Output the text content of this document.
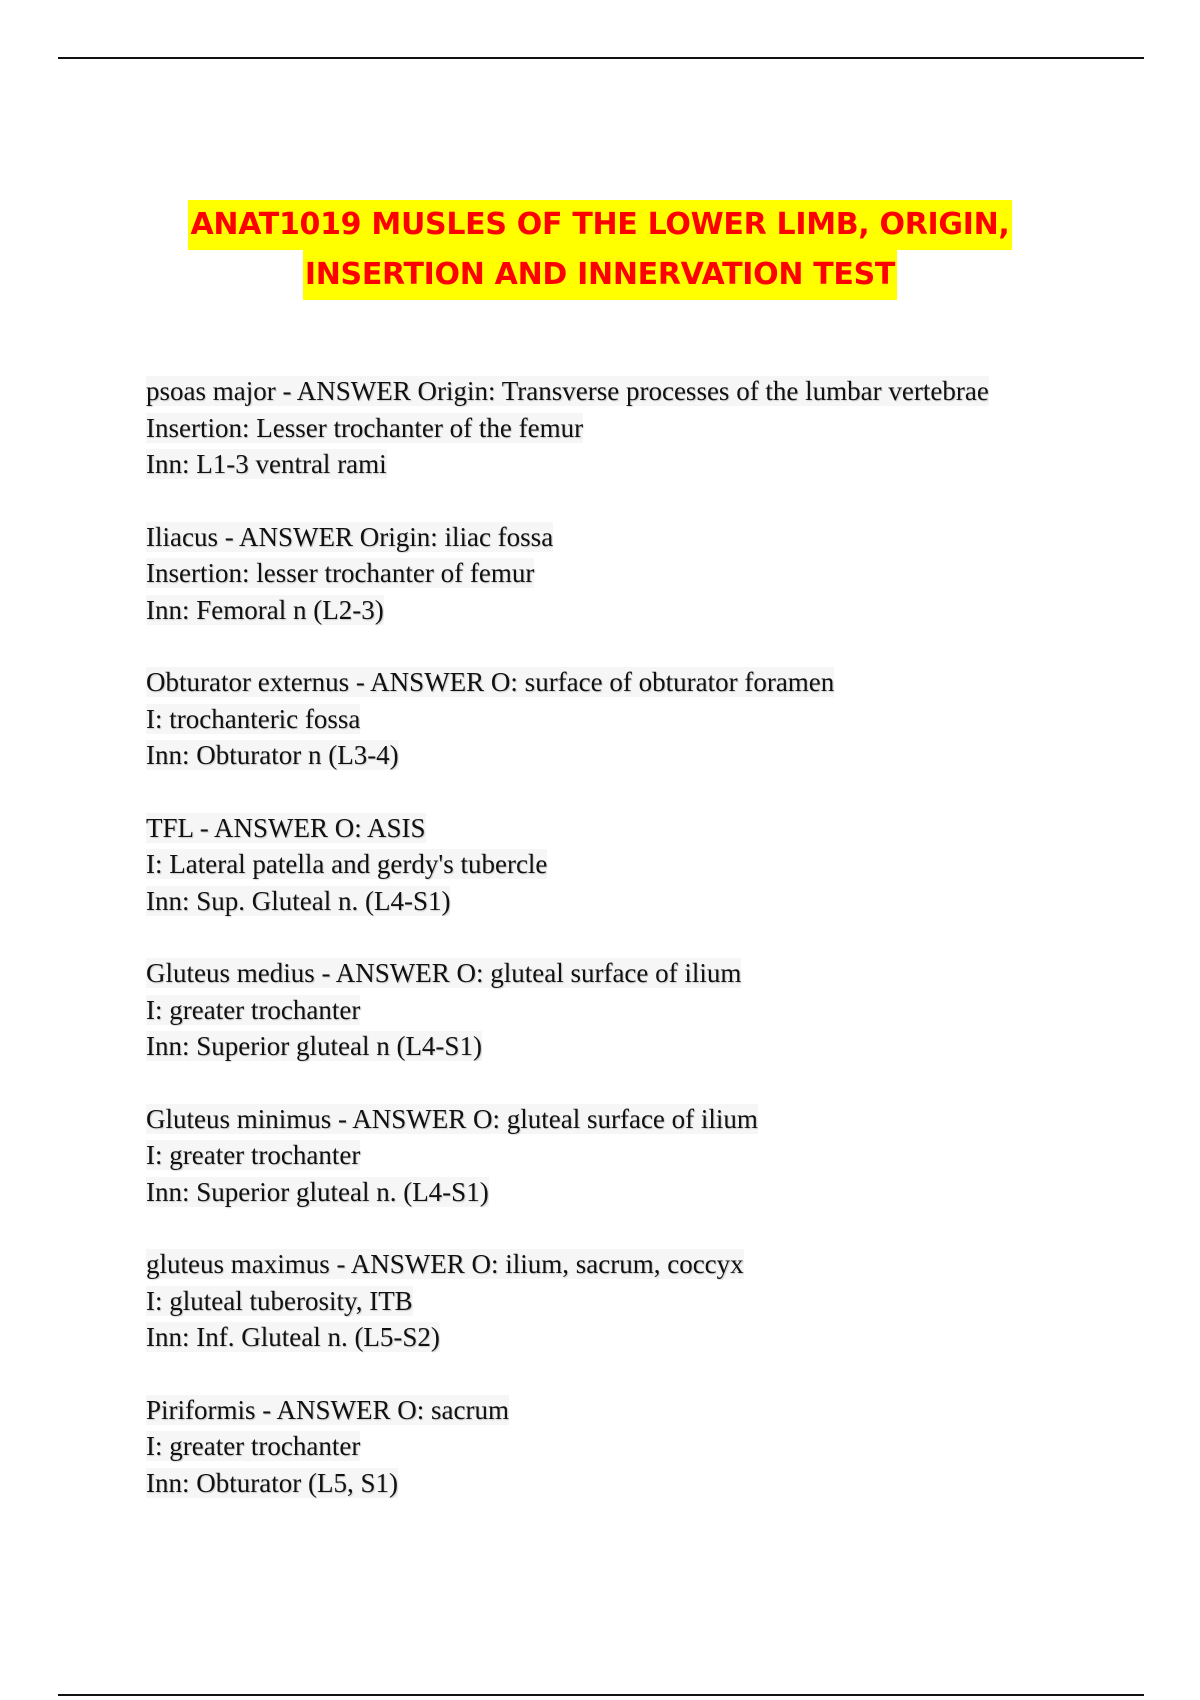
ANAT1019 MUSLES OF THE LOWER LIMB, ORIGIN,
INSERTION AND INNERVATION TEST
psoas major - ANSWER Origin: Transverse processes of the lumbar vertebrae
Insertion: Lesser trochanter of the femur
Inn: L1-3 ventral rami
Iliacus - ANSWER Origin: iliac fossa
Insertion: lesser trochanter of femur
Inn: Femoral n (L2-3)
Obturator externus - ANSWER O: surface of obturator foramen
I: trochanteric fossa
Inn: Obturator n (L3-4)
TFL - ANSWER O: ASIS
I: Lateral patella and gerdy's tubercle
Inn: Sup. Gluteal n. (L4-S1)
Gluteus medius - ANSWER O: gluteal surface of ilium
I: greater trochanter
Inn: Superior gluteal n (L4-S1)
Gluteus minimus - ANSWER O: gluteal surface of ilium
I: greater trochanter
Inn: Superior gluteal n. (L4-S1)
gluteus maximus - ANSWER O: ilium, sacrum, coccyx
I: gluteal tuberosity, ITB
Inn: Inf. Gluteal n. (L5-S2)
Piriformis - ANSWER O: sacrum
I: greater trochanter
Inn: Obturator (L5, S1)
